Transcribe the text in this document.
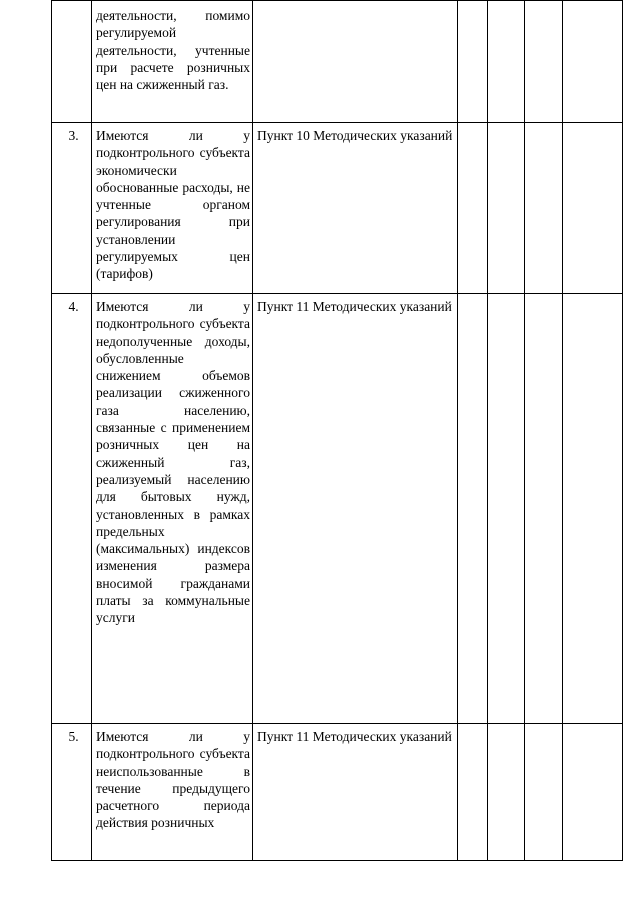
	деятельности, помимо регулируемой деятельности, учтенные при расчете розничных цен на сжиженный газ.					

3.	Имеются ли у подконтрольного субъекта экономически обоснованные расходы, не учтенные органом регулирования при установлении регулируемых цен (тарифов)	Пункт 10 Методических указаний				

4.	Имеются ли у подконтрольного субъекта недополученные доходы, обусловленные снижением объемов реализации сжиженного газа населению, связанные с применением розничных цен на сжиженный газ, реализуемый населению для бытовых нужд, установленных в рамках предельных (максимальных) индексов изменения размера вносимой гражданами платы за коммунальные услуги	Пункт 11 Методических указаний				

5.	Имеются ли у подконтрольного субъекта неиспользованные в течение предыдущего расчетного периода действия розничных	Пункт 11 Методических указаний				
